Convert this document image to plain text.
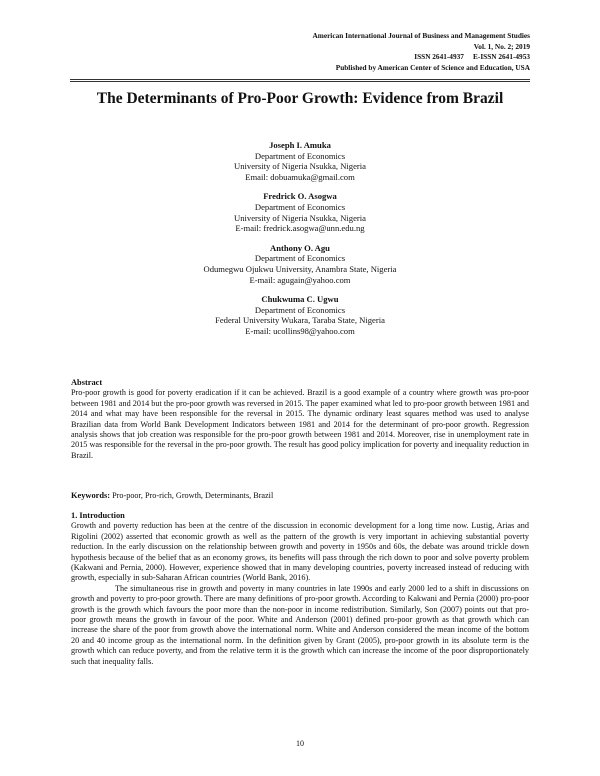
American International Journal of Business and Management Studies
Vol. 1, No. 2; 2019
ISSN 2641-4937     E-ISSN 2641-4953
Published by American Center of Science and Education, USA
The Determinants of Pro-Poor Growth: Evidence from Brazil
Joseph I. Amuka
Department of Economics
University of Nigeria Nsukka, Nigeria
Email: dobuamuka@gmail.com
Fredrick O. Asogwa
Department of Economics
University of Nigeria Nsukka, Nigeria
E-mail: fredrick.asogwa@unn.edu.ng
Anthony O. Agu
Department of Economics
Odumegwu Ojukwu University, Anambra State, Nigeria
E-mail: agugain@yahoo.com
Chukwuma C. Ugwu
Department of Economics
Federal University Wukara, Taraba State, Nigeria
E-mail: ucollins98@yahoo.com
Abstract

Pro-poor growth is good for poverty eradication if it can be achieved. Brazil is a good example of a country where growth was pro-poor between 1981 and 2014 but the pro-poor growth was reversed in 2015. The paper examined what led to pro-poor growth between 1981 and 2014 and what may have been responsible for the reversal in 2015. The dynamic ordinary least squares method was used to analyse Brazilian data from World Bank Development Indicators between 1981 and 2014 for the determinant of pro-poor growth. Regression analysis shows that job creation was responsible for the pro-poor growth between 1981 and 2014. Moreover, rise in unemployment rate in 2015 was responsible for the reversal in the pro-poor growth. The result has good policy implication for poverty and inequality reduction in Brazil.

Keywords: Pro-poor, Pro-rich, Growth, Determinants, Brazil
1. Introduction

Growth and poverty reduction has been at the centre of the discussion in economic development for a long time now. Lustig, Arias and Rigolini (2002) asserted that economic growth as well as the pattern of the growth is very important in achieving substantial poverty reduction. In the early discussion on the relationship between growth and poverty in 1950s and 60s, the debate was around trickle down hypothesis because of the belief that as an economy grows, its benefits will pass through the rich down to poor and solve poverty problem (Kakwani and Pernia, 2000). However, experience showed that in many developing countries, poverty increased instead of reducing with growth, especially in sub-Saharan African countries (World Bank, 2016).

The simultaneous rise in growth and poverty in many countries in late 1990s and early 2000 led to a shift in discussions on growth and poverty to pro-poor growth. There are many definitions of pro-poor growth. According to Kakwani and Pernia (2000) pro-poor growth is the growth which favours the poor more than the non-poor in income redistribution. Similarly, Son (2007) points out that pro-poor growth means the growth in favour of the poor. White and Anderson (2001) defined pro-poor growth as that growth which can increase the share of the poor from growth above the international norm. White and Anderson considered the mean income of the bottom 20 and 40 income group as the international norm. In the definition given by Grant (2005), pro-poor growth in its absolute term is the growth which can reduce poverty, and from the relative term it is the growth which can increase the income of the poor disproportionately such that inequality falls.

10
